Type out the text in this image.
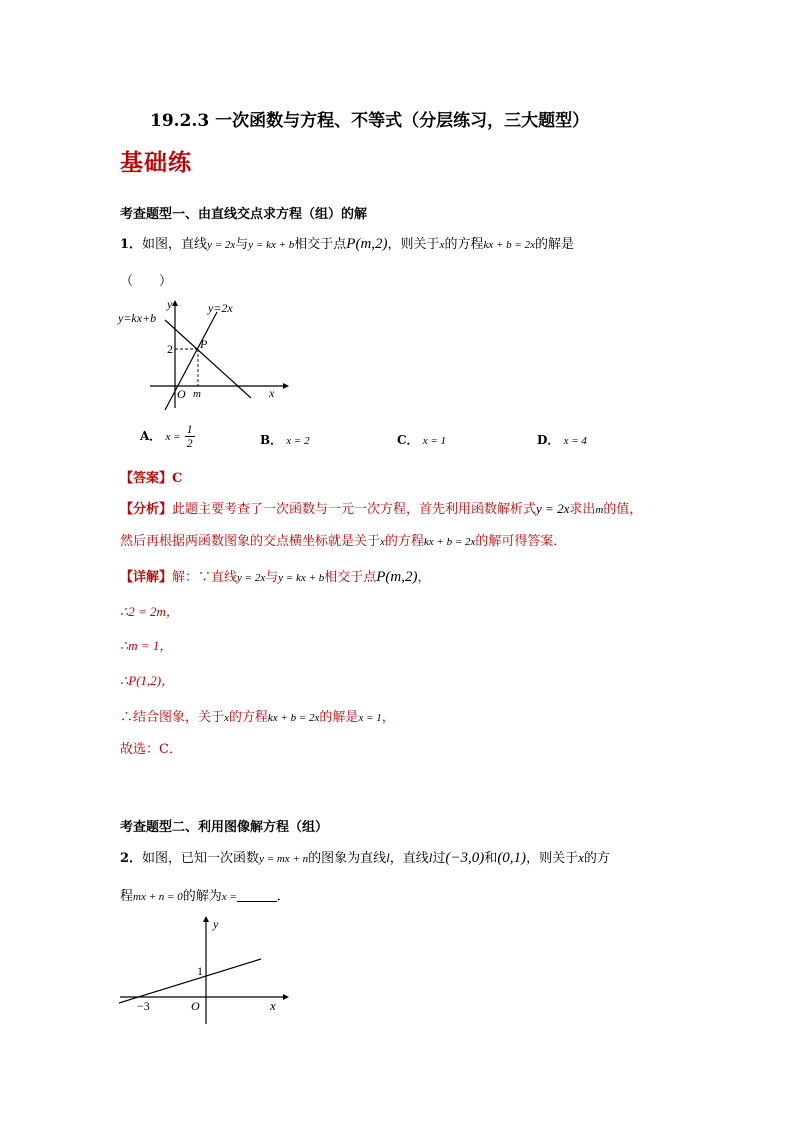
19.2.3 一次函数与方程、不等式（分层练习，三大题型）
基础练
考查题型一、由直线交点求方程（组）的解
1．如图，直线y = 2x与y = kx + b相交于点P(m,2)，则关于x的方程kx + b = 2x的解是
（　　）
y=kx+b
y=2x
y
x
O m
P
2
A． $x = \frac{1}{2}$	B． x = 2	C． x = 1	D． x = 4
【答案】C
【分析】此题主要考查了一次函数与一元一次方程，首先利用函数解析式y = 2x求出m的值，
然后再根据两函数图象的交点横坐标就是关于x的方程kx + b = 2x的解可得答案．
【详解】解：∵直线y = 2x与y = kx + b相交于点P(m,2)，
∴2 = 2m，
∴m = 1，
∴P(1,2)，
∴结合图象，关于x的方程kx + b = 2x的解是x = 1，
故选：C．
考查题型二、利用图像解方程（组）
2．如图，已知一次函数y = mx + n的图象为直线l，直线l过(−3,0)和(0,1)，则关于x的方
程mx + n = 0的解为x =	．
y
x
O
1
−3
